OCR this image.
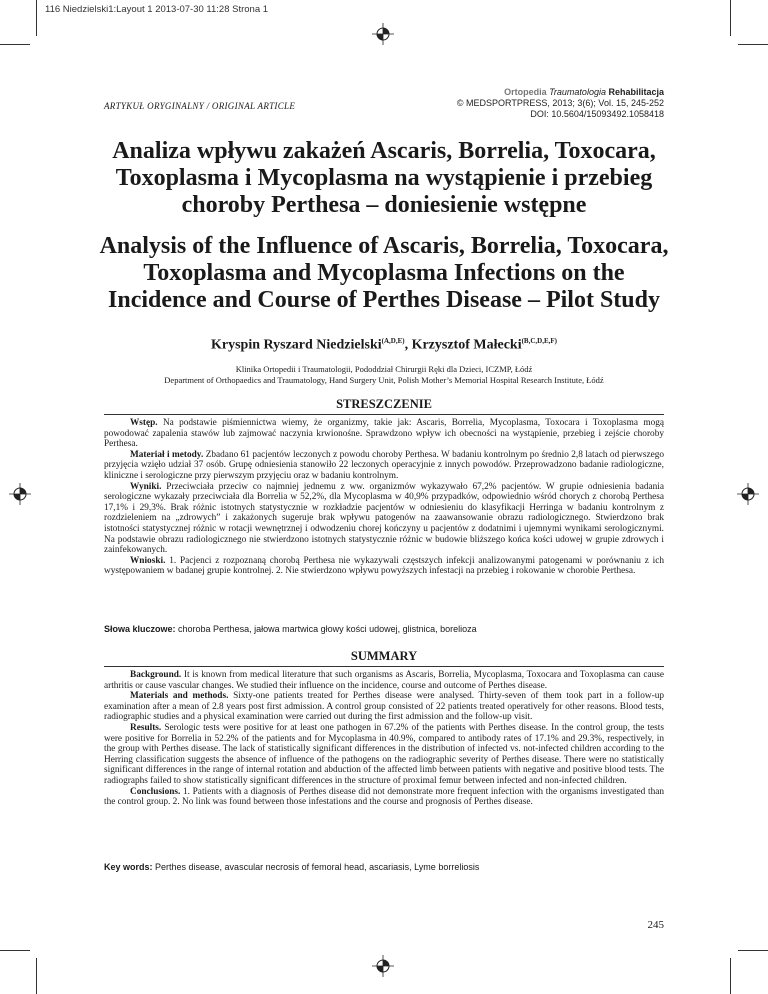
116 Niedzielski1:Layout 1 2013-07-30 11:28 Strona 1
Ortopedia Traumatologia Rehabilitacja
© MEDSPORTPRESS, 2013; 3(6); Vol. 15, 245-252
DOI: 10.5604/15093492.1058418
ARTYKUŁ ORYGINALNY / ORIGINAL ARTICLE
Analiza wpływu zakażeń Ascaris, Borrelia, Toxocara, Toxoplasma i Mycoplasma na wystąpienie i przebieg choroby Perthesa – doniesienie wstępne
Analysis of the Influence of Ascaris, Borrelia, Toxocara, Toxoplasma and Mycoplasma Infections on the Incidence and Course of Perthes Disease – Pilot Study
Kryspin Ryszard Niedzielski$^{(A,D,E)}$, Krzysztof Małecki$^{(B,C,D,E,F)}$
Klinika Ortopedii i Traumatologii, Pododdział Chirurgii Ręki dla Dzieci, ICZMP, Łódź
Department of Orthopaedics and Traumatology, Hand Surgery Unit, Polish Mother’s Memorial Hospital Research Institute, Łódź
STRESZCZENIE

Wstęp. Na podstawie piśmiennictwa wiemy, że organizmy, takie jak: Ascaris, Borrelia, Mycoplasma, Toxocara i Toxoplasma mogą powodować zapalenia stawów lub zajmować naczynia krwionośne. Sprawdzono wpływ ich obecności na wystąpienie, przebieg i zejście choroby Perthesa.

Materiał i metody. Zbadano 61 pacjentów leczonych z powodu choroby Perthesa. W badaniu kontrolnym po średnio 2,8 latach od pierwszego przyjęcia wzięło udział 37 osób. Grupę odniesienia stanowiło 22 leczonych operacyjnie z innych powodów. Przeprowadzono badanie radiologiczne, kliniczne i serologiczne przy pierwszym przyjęciu oraz w badaniu kontrolnym.

Wyniki. Przeciwciała przeciw co najmniej jednemu z ww. organizmów wykazywało 67,2% pacjentów. W grupie odniesienia badania serologiczne wykazały przeciwciała dla Borrelia w 52,2%, dla Mycoplasma w 40,9% przypadków, odpowiednio wśród chorych z chorobą Perthesa 17,1% i 29,3%. Brak różnic istotnych statystycznie w rozkładzie pacjentów w odniesieniu do klasyfikacji Herringa w badaniu kontrolnym z rozdzieleniem na „zdrowych” i zakażonych sugeruje brak wpływu patogenów na zaawansowanie obrazu radiologicznego. Stwierdzono brak istotności statystycznej różnic w rotacji wewnętrznej i odwodzeniu chorej kończyny u pacjentów z dodatnimi i ujemnymi wynikami serologicznymi. Na podstawie obrazu radiologicznego nie stwierdzono istotnych statystycznie różnic w budowie bliższego końca kości udowej w grupie zdrowych i zainfekowanych.

Wnioski. 1. Pacjenci z rozpoznaną chorobą Perthesa nie wykazywali częstszych infekcji analizowanymi patogenami w porównaniu z ich występowaniem w badanej grupie kontrolnej. 2. Nie stwierdzono wpływu powyższych infestacji na przebieg i rokowanie w chorobie Perthesa.

Słowa kluczowe: choroba Perthesa, jałowa martwica głowy kości udowej, glistnica, borelioza
SUMMARY

Background. It is known from medical literature that such organisms as Ascaris, Borrelia, Mycoplasma, Toxocara and Toxoplasma can cause arthritis or cause vascular changes. We studied their influence on the incidence, course and outcome of Perthes disease.

Materials and methods. Sixty-one patients treated for Perthes disease were analysed. Thirty-seven of them took part in a follow-up examination after a mean of 2.8 years post first admission. A control group consisted of 22 patients treated operatively for other reasons. Blood tests, radiographic studies and a physical examination were carried out during the first admission and the follow-up visit.

Results. Serologic tests were positive for at least one pathogen in 67.2% of the patients with Perthes disease. In the control group, the tests were positive for Borrelia in 52.2% of the patients and for Mycoplasma in 40.9%, compared to antibody rates of 17.1% and 29.3%, respectively, in the group with Perthes disease. The lack of statistically significant differences in the distribution of infected vs. not-infected children according to the Herring classification suggests the absence of influence of the pathogens on the radiographic severity of Perthes disease. There were no statistically significant differences in the range of internal rotation and abduction of the affected limb between patients with negative and positive blood tests. The radiographs failed to show statistically significant differences in the structure of proximal femur between infected and non-infected children.

Conclusions. 1. Patients with a diagnosis of Perthes disease did not demonstrate more frequent infection with the organisms investigated than the control group. 2. No link was found between those infestations and the course and prognosis of Perthes disease.

Key words: Perthes disease, avascular necrosis of femoral head, ascariasis, Lyme borreliosis
245
